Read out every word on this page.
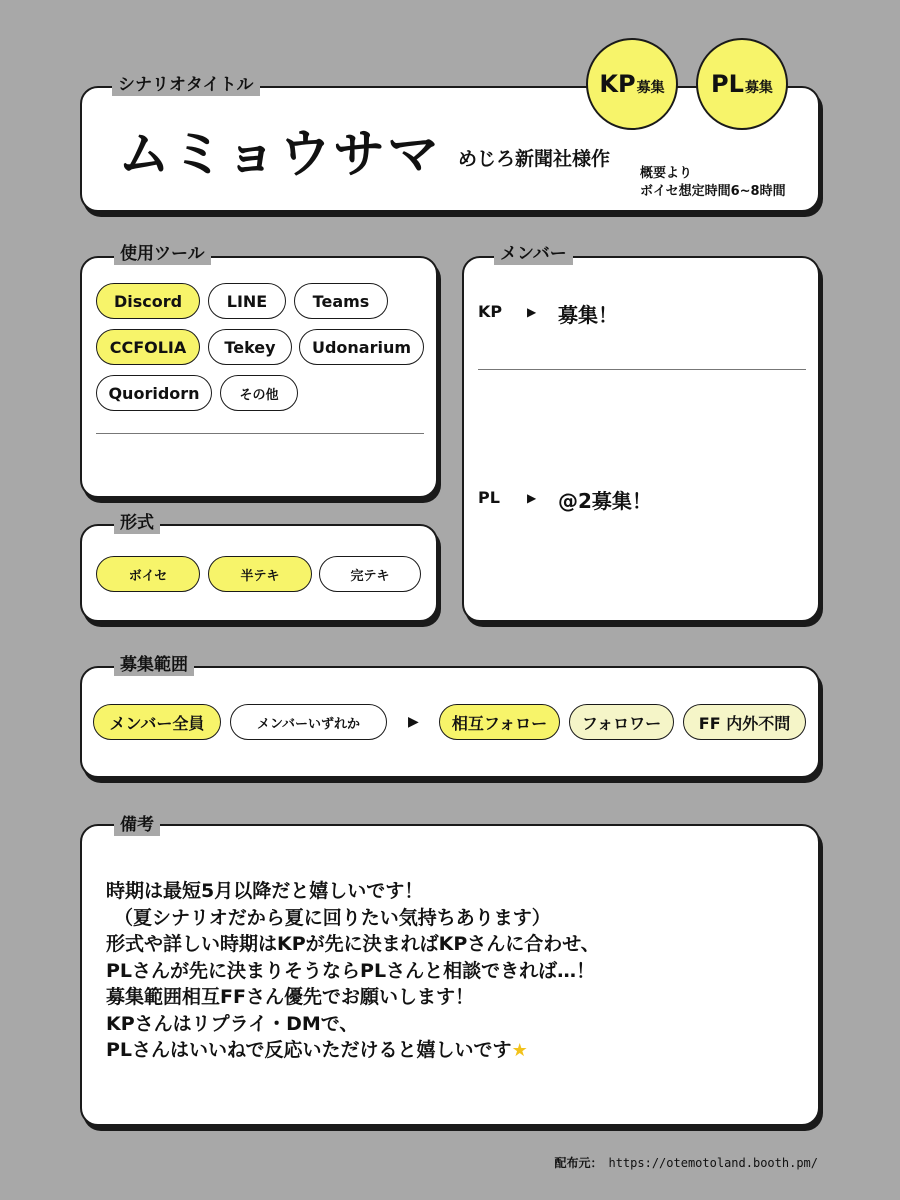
シナリオタイトル
ムミョウサマ めじろ新聞社様作
概要より
ボイセ想定時間6~8時間
KP 募集 PL 募集
使用ツール
Discord	LINE	Teams
CCFOLIA	Tekey	Udonarium
Quoridorn	その他
形式
ボイセ	半テキ	完テキ
メンバー
KP ▶ 募集！
PL ▶ @2募集！
募集範囲
メンバー全員	メンバーいずれか	▶	相互フォロー	フォロワー	FF 内外不問
備考
時期は最短5月以降だと嬉しいです！
（夏シナリオだから夏に回りたい気持ちあります）
形式や詳しい時期はKPが先に決まればKPさんに合わせ、
PLさんが先に決まりそうならPLさんと相談できれば…！
募集範囲相互FFさん優先でお願いします！
KPさんはリプライ・DMで、
PLさんはいいねで反応いただけると嬉しいです★
配布元： https://otemotoland.booth.pm/
